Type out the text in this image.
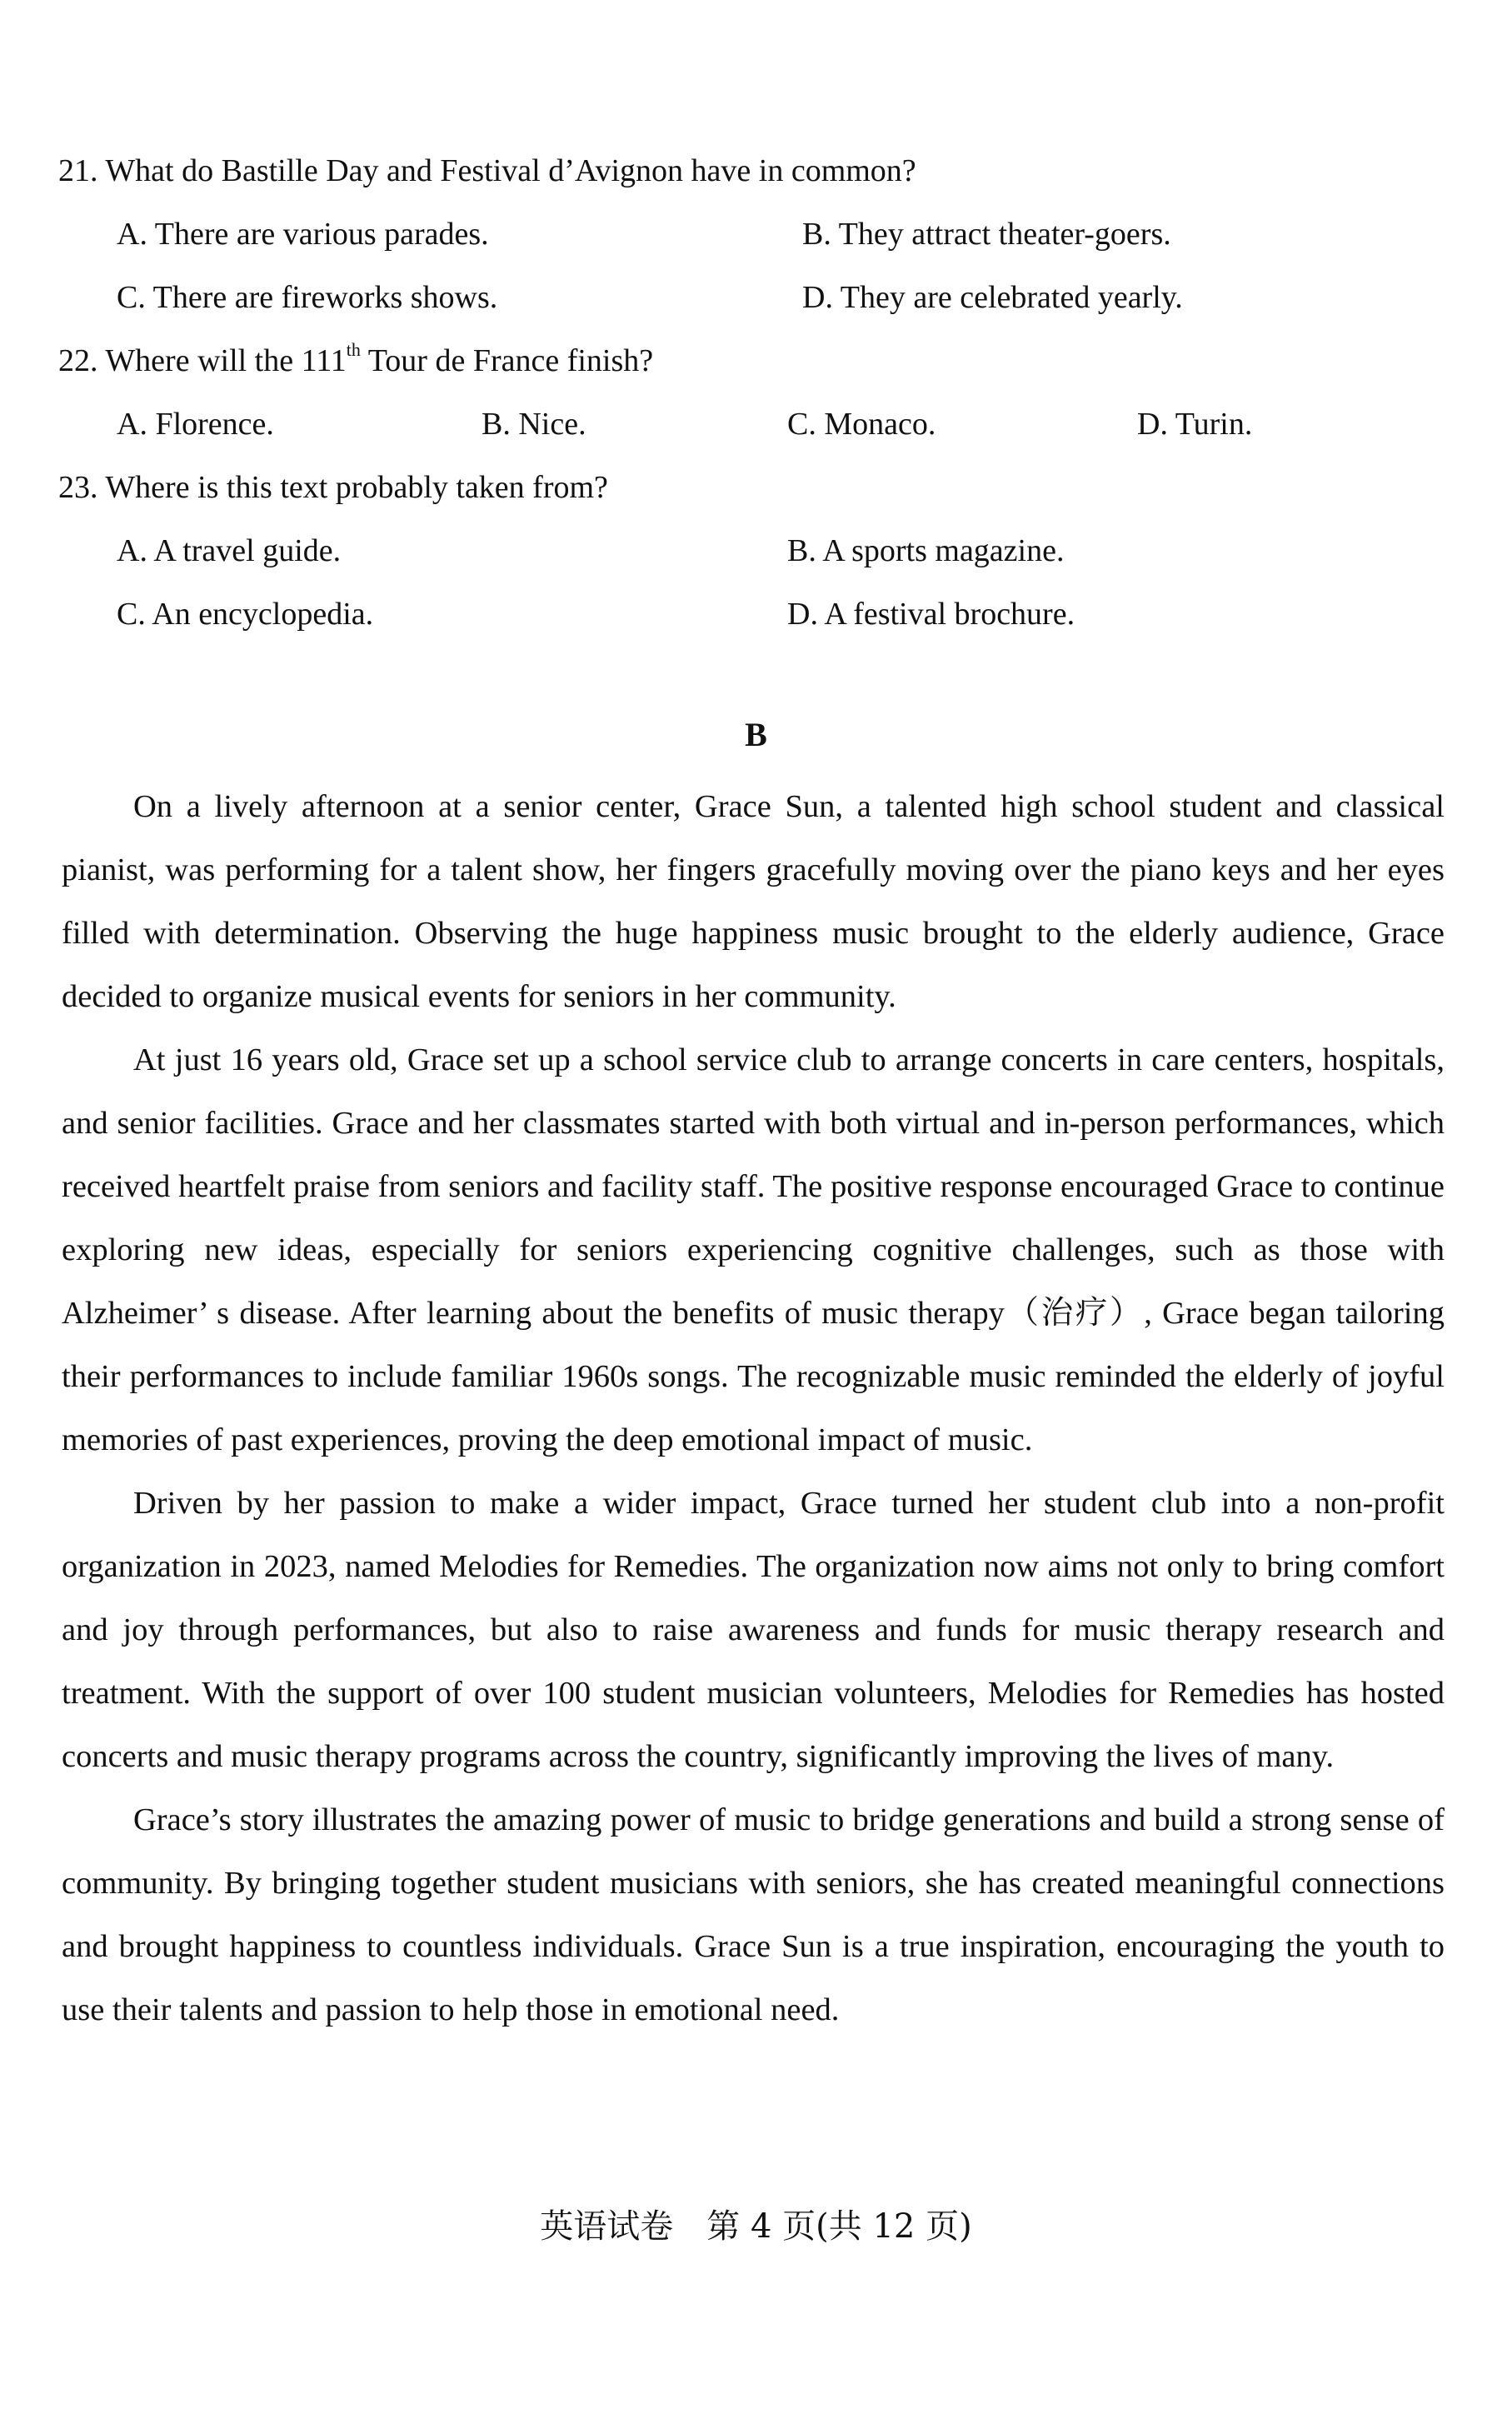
21. What do Bastille Day and Festival d’Avignon have in common?
A. There are various parades.	B. They attract theater-goers.
C. There are fireworks shows.	D. They are celebrated yearly.
22. Where will the 111th Tour de France finish?
A. Florence.	B. Nice.	C. Monaco.	D. Turin.
23. Where is this text probably taken from?
A. A travel guide.	B. A sports magazine.
C. An encyclopedia.	D. A festival brochure.
B

On a lively afternoon at a senior center, Grace Sun, a talented high school student and classical pianist, was performing for a talent show, her fingers gracefully moving over the piano keys and her eyes filled with determination. Observing the huge happiness music brought to the elderly audience, Grace decided to organize musical events for seniors in her community.

At just 16 years old, Grace set up a school service club to arrange concerts in care centers, hospitals, and senior facilities. Grace and her classmates started with both virtual and in-person performances, which received heartfelt praise from seniors and facility staff. The positive response encouraged Grace to continue exploring new ideas, especially for seniors experiencing cognitive challenges, such as those with Alzheimer’ s disease. After learning about the benefits of music therapy（治疗）, Grace began tailoring their performances to include familiar 1960s songs. The recognizable music reminded the elderly of joyful memories of past experiences, proving the deep emotional impact of music.

Driven by her passion to make a wider impact, Grace turned her student club into a non-profit organization in 2023, named Melodies for Remedies. The organization now aims not only to bring comfort and joy through performances, but also to raise awareness and funds for music therapy research and treatment. With the support of over 100 student musician volunteers, Melodies for Remedies has hosted concerts and music therapy programs across the country, significantly improving the lives of many.

Grace’s story illustrates the amazing power of music to bridge generations and build a strong sense of community. By bringing together student musicians with seniors, she has created meaningful connections and brought happiness to countless individuals. Grace Sun is a true inspiration, encouraging the youth to use their talents and passion to help those in emotional need.

英语试卷　第 4 页(共 12 页)
